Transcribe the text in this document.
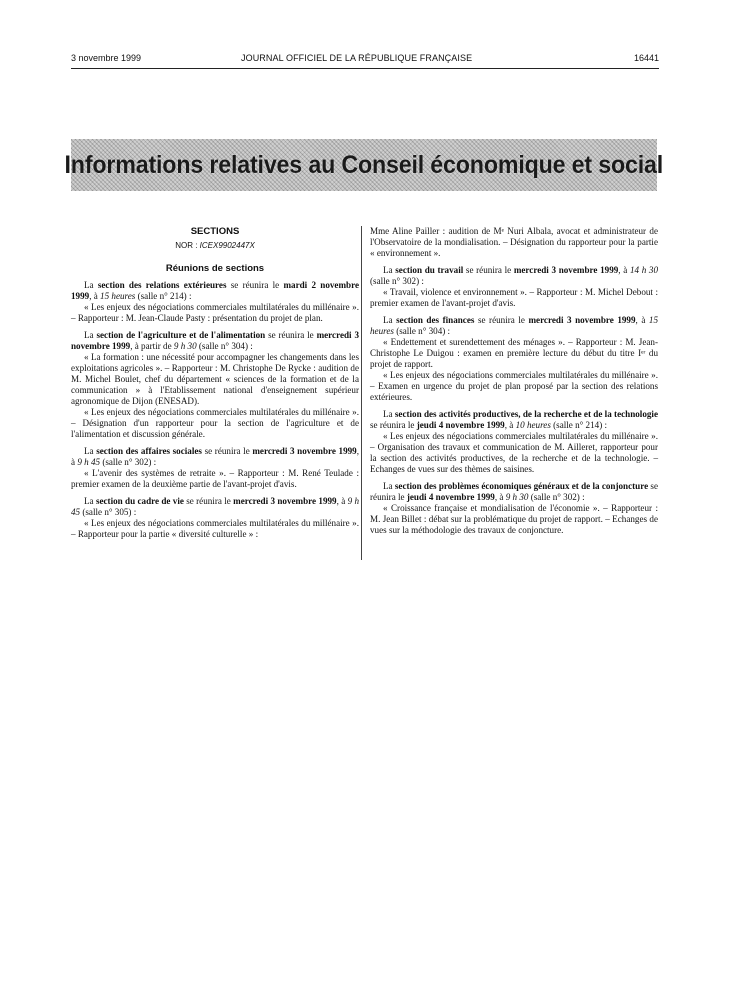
3 novembre 1999	JOURNAL OFFICIEL DE LA RÉPUBLIQUE FRANÇAISE	16441
Informations relatives au Conseil économique et social
SECTIONS
NOR : ICEX9902447X
Réunions de sections

La section des relations extérieures se réunira le mardi 2 novembre 1999, à 15 heures (salle n° 214) :

« Les enjeux des négociations commerciales multilatérales du millénaire ». – Rapporteur : M. Jean-Claude Pasty : présentation du projet de plan.

La section de l'agriculture et de l'alimentation se réunira le mercredi 3 novembre 1999, à partir de 9 h 30 (salle n° 304) :

« La formation : une nécessité pour accompagner les changements dans les exploitations agricoles ». – Rapporteur : M. Christophe De Rycke : audition de M. Michel Boulet, chef du département « sciences de la formation et de la communication » à l'Etablissement national d'enseignement supérieur agronomique de Dijon (ENESAD).

« Les enjeux des négociations commerciales multilatérales du millénaire ». – Désignation d'un rapporteur pour la section de l'agriculture et de l'alimentation et discussion générale.

La section des affaires sociales se réunira le mercredi 3 novembre 1999, à 9 h 45 (salle n° 302) :

« L'avenir des systèmes de retraite ». – Rapporteur : M. René Teulade : premier examen de la deuxième partie de l'avant-projet d'avis.

La section du cadre de vie se réunira le mercredi 3 novembre 1999, à 9 h 45 (salle n° 305) :

« Les enjeux des négociations commerciales multilatérales du millénaire ». – Rapporteur pour la partie « diversité culturelle » :

Mme Aline Pailler : audition de Mᵉ Nuri Albala, avocat et administrateur de l'Observatoire de la mondialisation. – Désignation du rapporteur pour la partie « environnement ».

La section du travail se réunira le mercredi 3 novembre 1999, à 14 h 30 (salle n° 302) :

« Travail, violence et environnement ». – Rapporteur : M. Michel Debout : premier examen de l'avant-projet d'avis.

La section des finances se réunira le mercredi 3 novembre 1999, à 15 heures (salle n° 304) :

« Endettement et surendettement des ménages ». – Rapporteur : M. Jean-Christophe Le Duigou : examen en première lecture du début du titre Iᵉʳ du projet de rapport.

« Les enjeux des négociations commerciales multilatérales du millénaire ». – Examen en urgence du projet de plan proposé par la section des relations extérieures.

La section des activités productives, de la recherche et de la technologie se réunira le jeudi 4 novembre 1999, à 10 heures (salle n° 214) :

« Les enjeux des négociations commerciales multilatérales du millénaire ». – Organisation des travaux et communication de M. Ailleret, rapporteur pour la section des activités productives, de la recherche et de la technologie. – Echanges de vues sur des thèmes de saisines.

La section des problèmes économiques généraux et de la conjoncture se réunira le jeudi 4 novembre 1999, à 9 h 30 (salle n° 302) :

« Croissance française et mondialisation de l'économie ». – Rapporteur : M. Jean Billet : débat sur la problématique du projet de rapport. – Echanges de vues sur la méthodologie des travaux de conjoncture.
